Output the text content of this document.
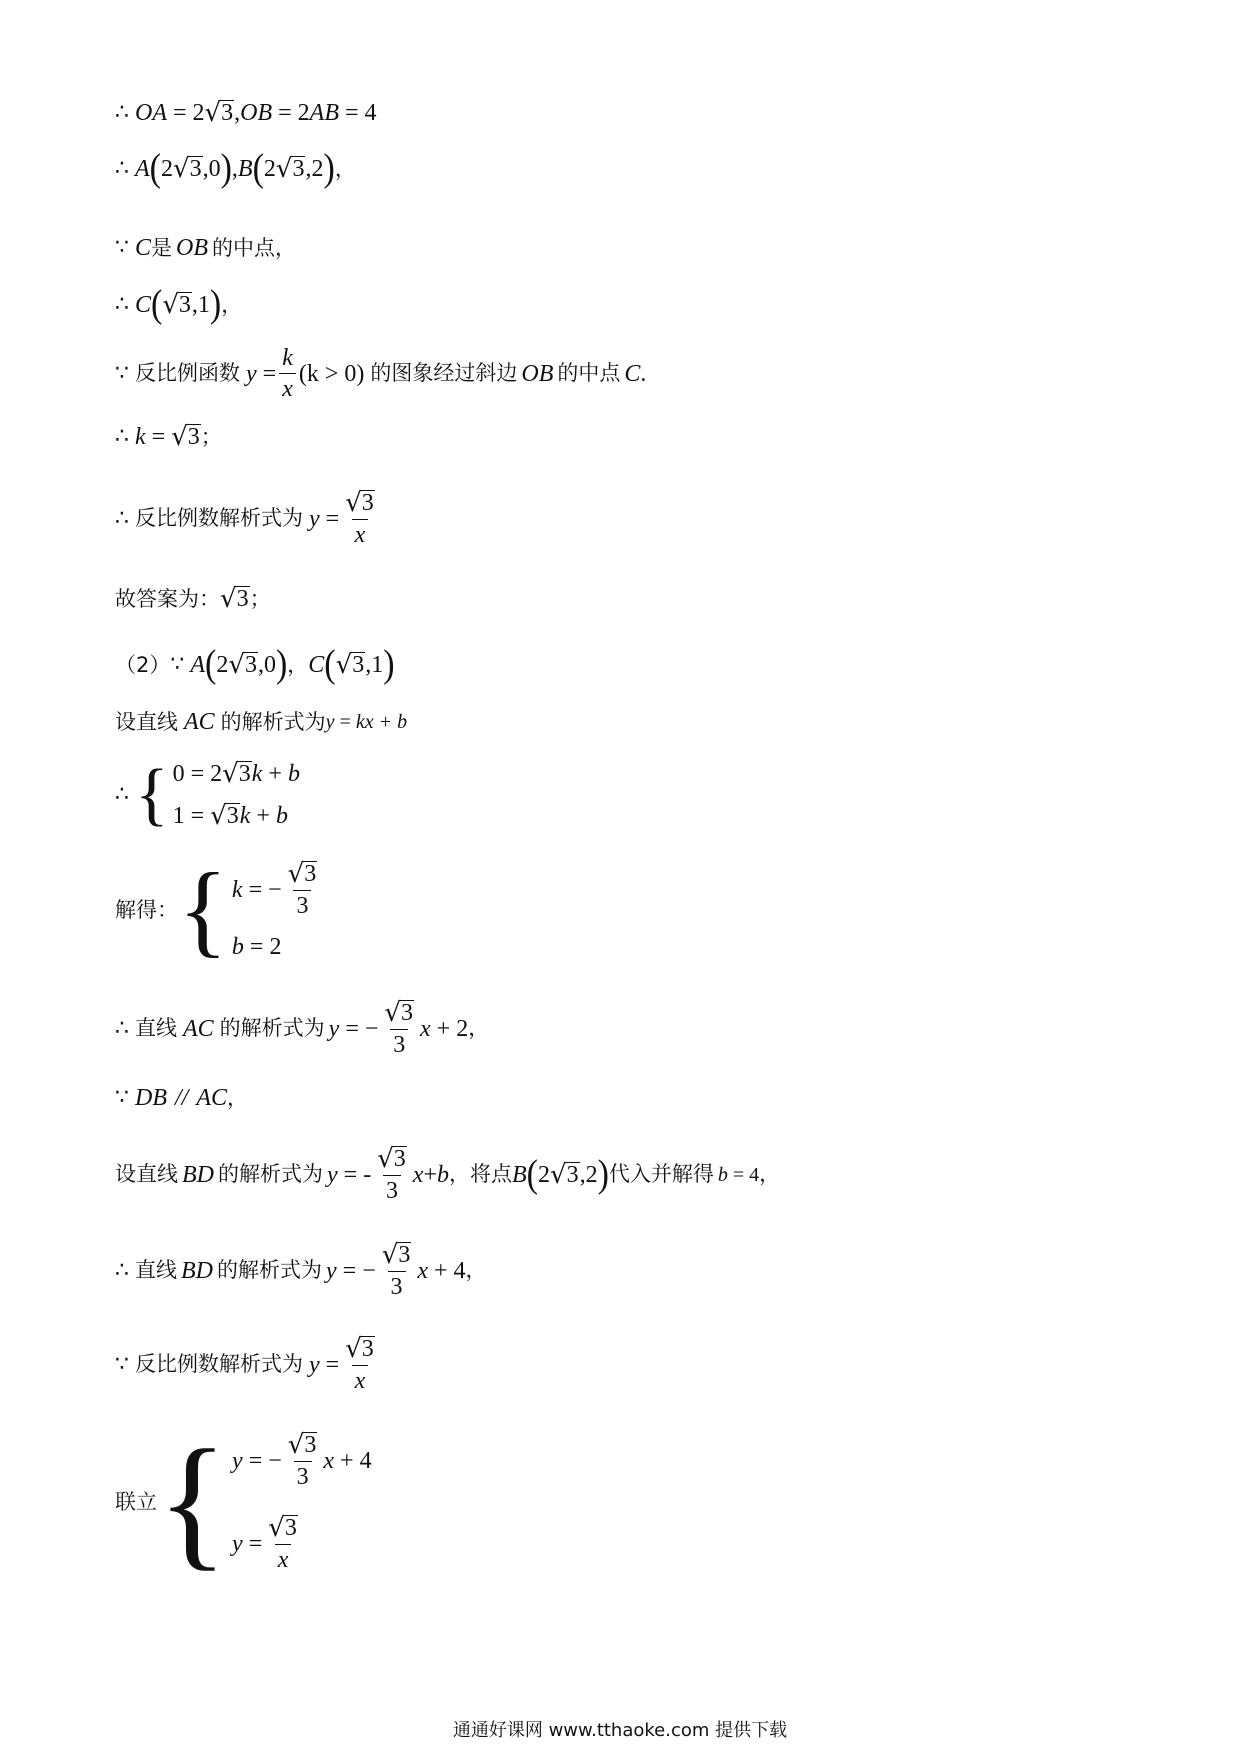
∴ OA
=
2 √ 3 , OB
=
2 AB
=
4
∴ A ( 2 √ 3 , 0 ) , B ( 2 √ 3 , 2 ) ，
∵ C 是 OB 的中点，
∴ C ( √ 3 , 1 ) ，
∵ 反比例函数 y
= $\frac{k}{x} (k > 0)$ 的图象经过斜边 OB 的中点 C .
∴ k
=
√ 3 ；
∴ 反比例数解析式为 y
= $\frac{√ 3}{x}$
故答案为： √ 3 ；
（2） ∵ A ( 2 √ 3 , 0 ) ， C ( √ 3 , 1 )
设直线 AC 的解析式为 y
=
kx + b
∴ { 0
=
2 √ 3 k
+
b
1
=
√ 3 k
+
b
解得： { k
=
− $\frac{√ 3}{3}$
b
=
2
∴ 直线 AC 的解析式为 y
=
− $\frac{√ 3}{3}$ x
+
2 ，
∵ DB // AC ，
设直线 BD 的解析式为 y
=
- $\frac{√ 3}{3}$ x + b ，将点 B ( 2 √ 3 , 2 ) 代入并解得 b
=
4 ，
∴ 直线 BD 的解析式为 y
=
− $\frac{√ 3}{3}$ x
+
4 ，
∵ 反比例数解析式为 y
= $\frac{√ 3}{x}$
联立 { y
=
− $\frac{√ 3}{3}$ x
+
4
y
= $\frac{√ 3}{x}$
通通好课网 www.tthaoke.com 提供下载
